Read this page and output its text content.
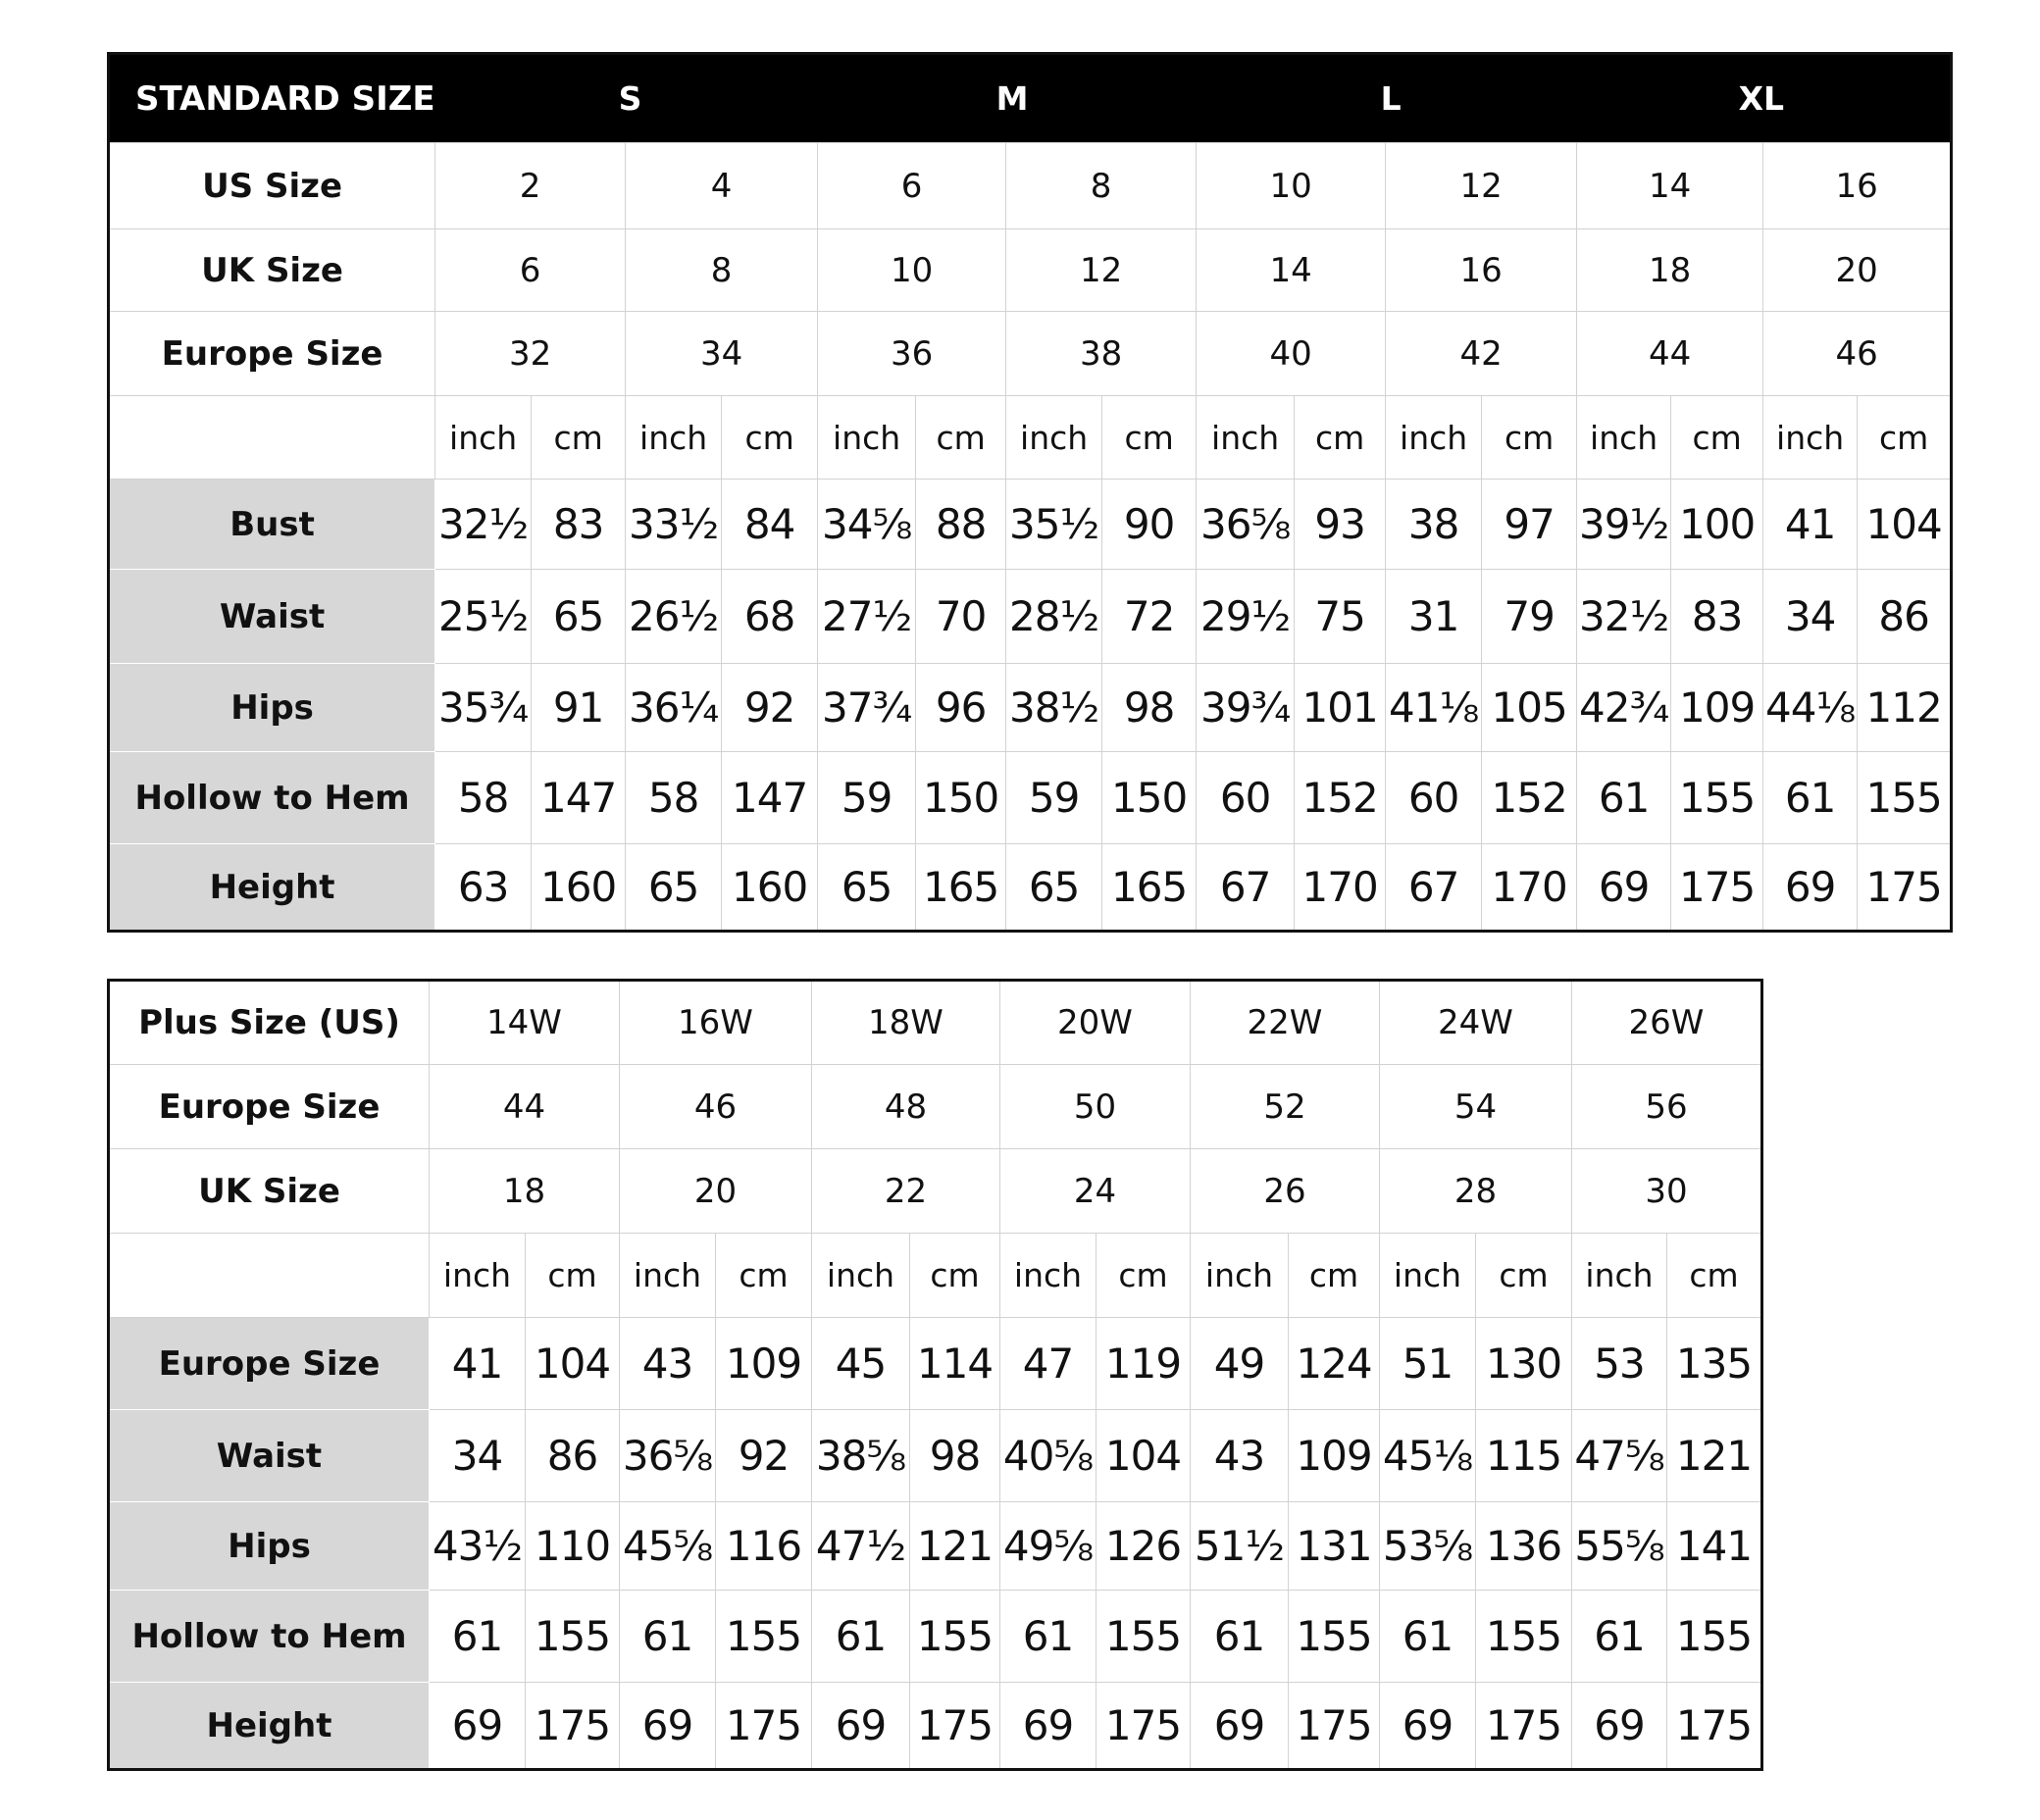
STANDARD SIZE	S				M				L				XL			
US Size	2		4		6		8		10		12		14		16	
UK Size	6		8		10		12		14		16		18		20	
Europe Size	32		34		36		38		40		42		44		46	
	inch	cm	inch	cm	inch	cm	inch	cm	inch	cm	inch	cm	inch	cm	inch	cm
Bust	32½	83	33½	84	34⅝	88	35½	90	36⅝	93	38	97	39½	100	41	104
Waist	25½	65	26½	68	27½	70	28½	72	29½	75	31	79	32½	83	34	86
Hips	35¾	91	36¼	92	37¾	96	38½	98	39¾	101	41⅛	105	42¾	109	44⅛	112
Hollow to Hem	58	147	58	147	59	150	59	150	60	152	60	152	61	155	61	155
Height	63	160	65	160	65	165	65	165	67	170	67	170	69	175	69	175
Plus Size (US)	14W		16W		18W		20W		22W		24W		26W	
Europe Size	44		46		48		50		52		54		56	
UK Size	18		20		22		24		26		28		30	
	inch	cm	inch	cm	inch	cm	inch	cm	inch	cm	inch	cm	inch	cm
Europe Size	41	104	43	109	45	114	47	119	49	124	51	130	53	135
Waist	34	86	36⅝	92	38⅝	98	40⅝	104	43	109	45⅛	115	47⅝	121
Hips	43½	110	45⅝	116	47½	121	49⅝	126	51½	131	53⅝	136	55⅝	141
Hollow to Hem	61	155	61	155	61	155	61	155	61	155	61	155	61	155
Height	69	175	69	175	69	175	69	175	69	175	69	175	69	175
